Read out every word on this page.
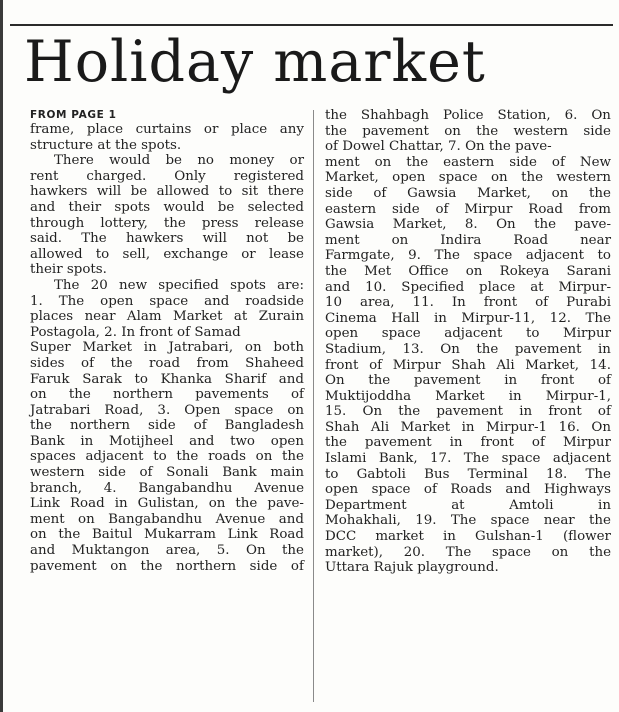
Holiday market
FROM PAGE 1
frame, place curtains or place any
structure at the spots.
There would be no money or
rent charged. Only registered
hawkers will be allowed to sit there
and their spots would be selected
through lottery, the press release
said. The hawkers will not be
allowed to sell, exchange or lease
their spots.
The 20 new specified spots are:
1. The open space and roadside
places near Alam Market at Zurain
Postagola, 2. In front of Samad
Super Market in Jatrabari, on both
sides of the road from Shaheed
Faruk Sarak to Khanka Sharif and
on the northern pavements of
Jatrabari Road, 3. Open space on
the northern side of Bangladesh
Bank in Motijheel and two open
spaces adjacent to the roads on the
western side of Sonali Bank main
branch, 4. Bangabandhu Avenue
Link Road in Gulistan, on the pave-
ment on Bangabandhu Avenue and
on the Baitul Mukarram Link Road
and Muktangon area, 5. On the
pavement on the northern side of
the Shahbagh Police Station, 6. On
the pavement on the western side
of Dowel Chattar, 7. On the pave-
ment on the eastern side of New
Market, open space on the western
side of Gawsia Market, on the
eastern side of Mirpur Road from
Gawsia Market, 8. On the pave-
ment on Indira Road near
Farmgate, 9. The space adjacent to
the Met Office on Rokeya Sarani
and 10. Specified place at Mirpur-
10 area, 11. In front of Purabi
Cinema Hall in Mirpur-11, 12. The
open space adjacent to Mirpur
Stadium, 13. On the pavement in
front of Mirpur Shah Ali Market, 14.
On the pavement in front of
Muktijoddha Market in Mirpur-1,
15. On the pavement in front of
Shah Ali Market in Mirpur-1 16. On
the pavement in front of Mirpur
Islami Bank, 17. The space adjacent
to Gabtoli Bus Terminal 18. The
open space of Roads and Highways
Department	at	Amtoli	in
Mohakhali, 19. The space near the
DCC market in Gulshan-1 (flower
market), 20. The space on the
Uttara Rajuk playground.
